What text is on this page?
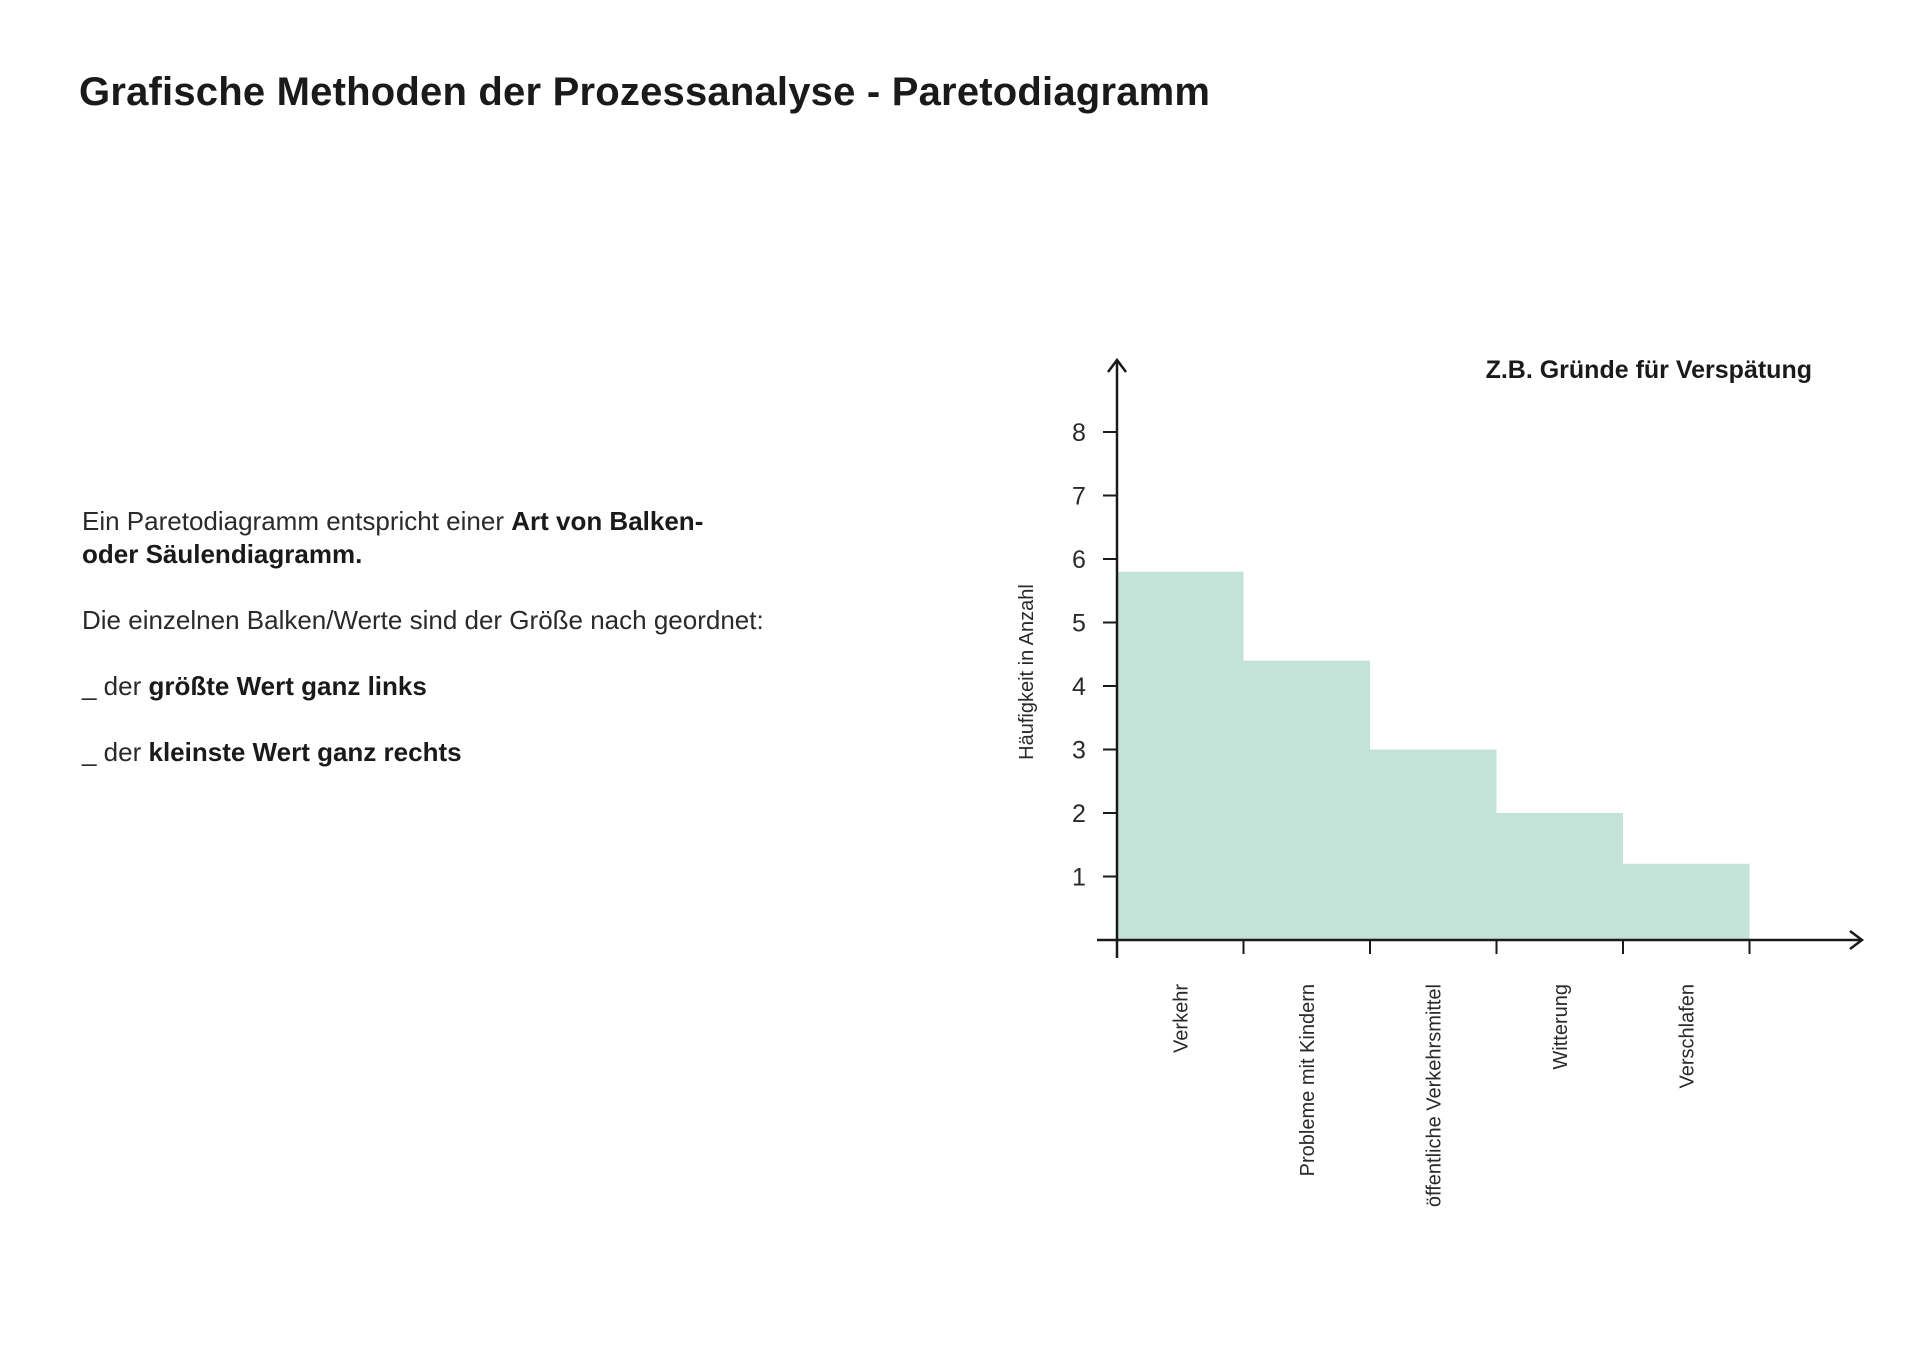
Grafische Methoden der Prozessanalyse - Paretodiagramm

Ein Paretodiagramm entspricht einer Art von Balken-
oder Säulendiagramm.

Die einzelnen Balken/Werte sind der Größe nach geordnet:

_ der größte Wert ganz links

_ der kleinste Wert ganz rechts

1
2
3
4
5
6
7
8
Verkehr	Probleme mit Kindern	öffentliche Verkehrsmittel	Witterung	Verschlafen
Z.B. Gründe für Verspätung
Häufigkeit in Anzahl
